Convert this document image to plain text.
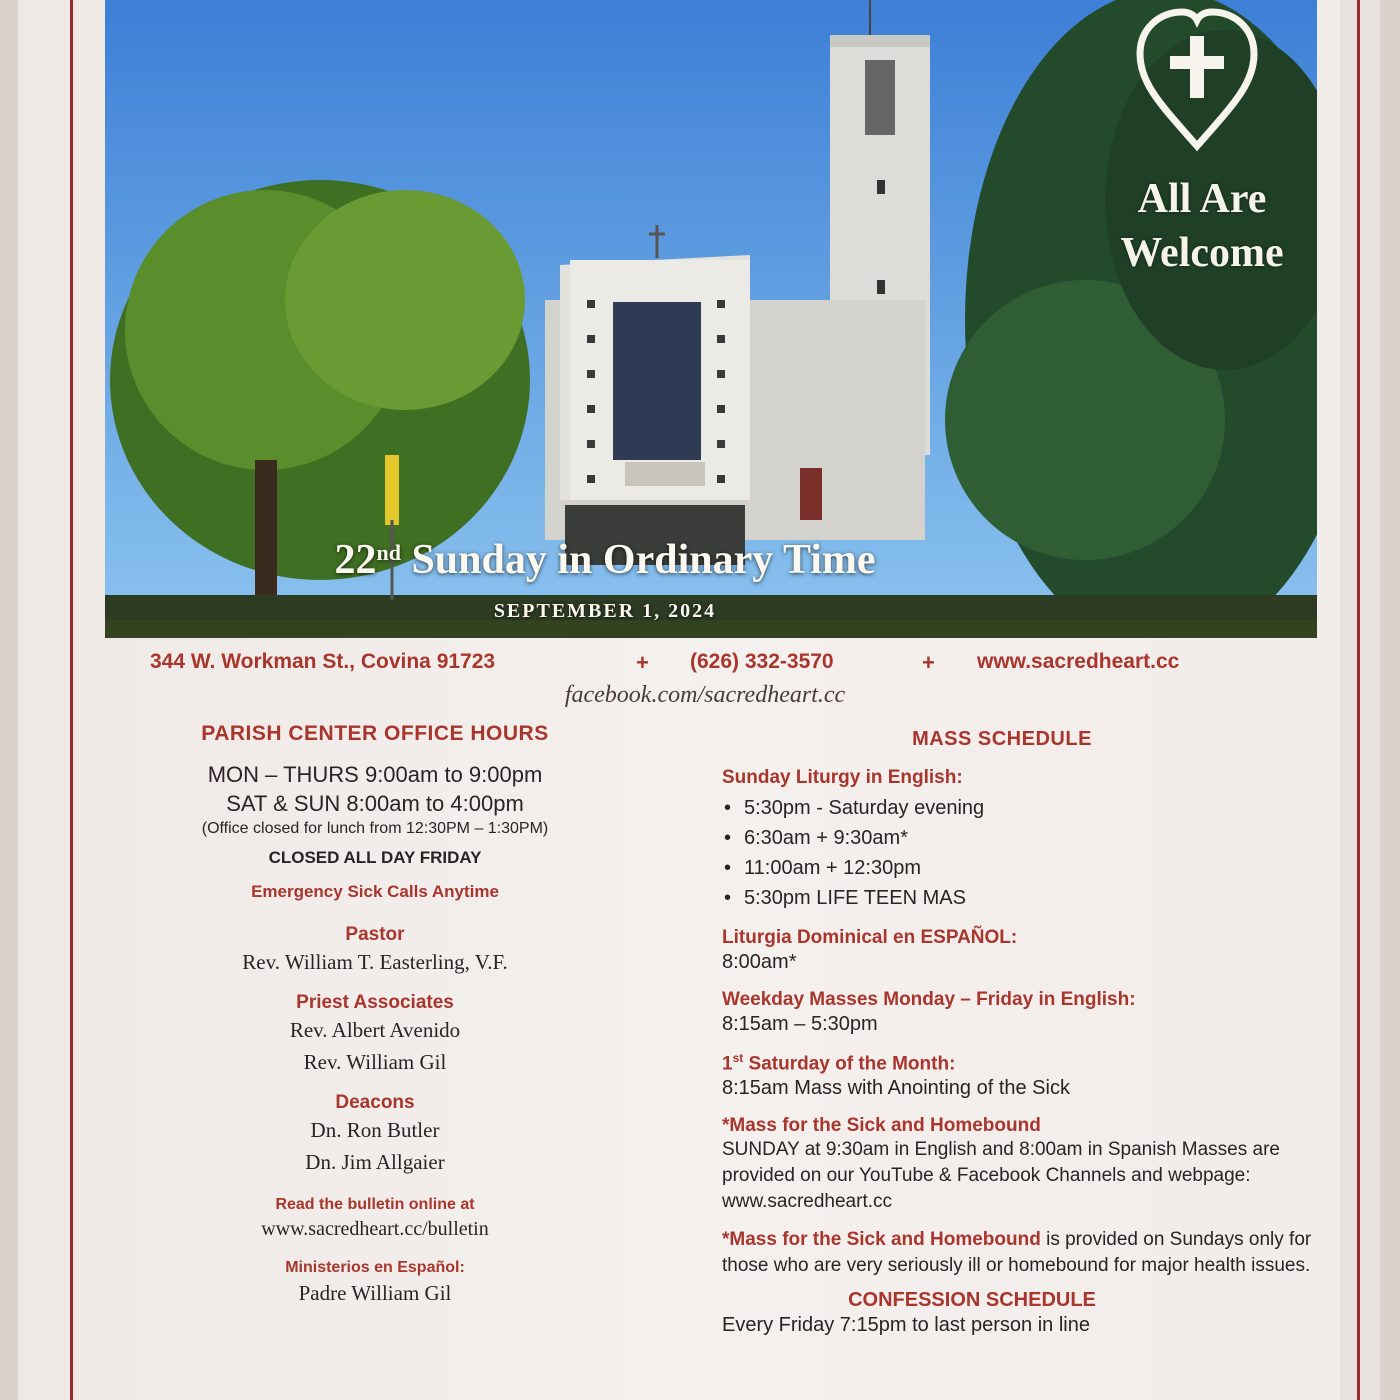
All Are
Welcome
22nd Sunday in Ordinary Time
SEPTEMBER 1, 2024
344 W. Workman St., Covina 91723	+ (626) 332-3570	+ www.sacredheart.cc
facebook.com/sacredheart.cc
PARISH CENTER OFFICE HOURS
MON – THURS 9:00am to 9:00pm
SAT & SUN 8:00am to 4:00pm
(Office closed for lunch from 12:30PM – 1:30PM)
CLOSED ALL DAY FRIDAY
Emergency Sick Calls Anytime
Pastor
Rev. William T. Easterling, V.F.
Priest Associates
Rev. Albert Avenido
Rev. William Gil
Deacons
Dn. Ron Butler
Dn. Jim Allgaier
Read the bulletin online at
www.sacredheart.cc/bulletin
Ministerios en Español:
Padre William Gil
MASS SCHEDULE
Sunday Liturgy in English:
• 5:30pm - Saturday evening
• 6:30am + 9:30am*
• 11:00am + 12:30pm
• 5:30pm LIFE TEEN MAS
Liturgia Dominical en ESPAÑOL:
8:00am*
Weekday Masses Monday – Friday in English:
8:15am – 5:30pm
1st Saturday of the Month:
8:15am Mass with Anointing of the Sick
*Mass for the Sick and Homebound
SUNDAY at 9:30am in English and 8:00am in Spanish Masses are provided on our YouTube & Facebook Channels and webpage: www.sacredheart.cc
*Mass for the Sick and Homebound is provided on Sundays only for those who are very seriously ill or homebound for major health issues.
CONFESSION SCHEDULE
Every Friday 7:15pm to last person in line
